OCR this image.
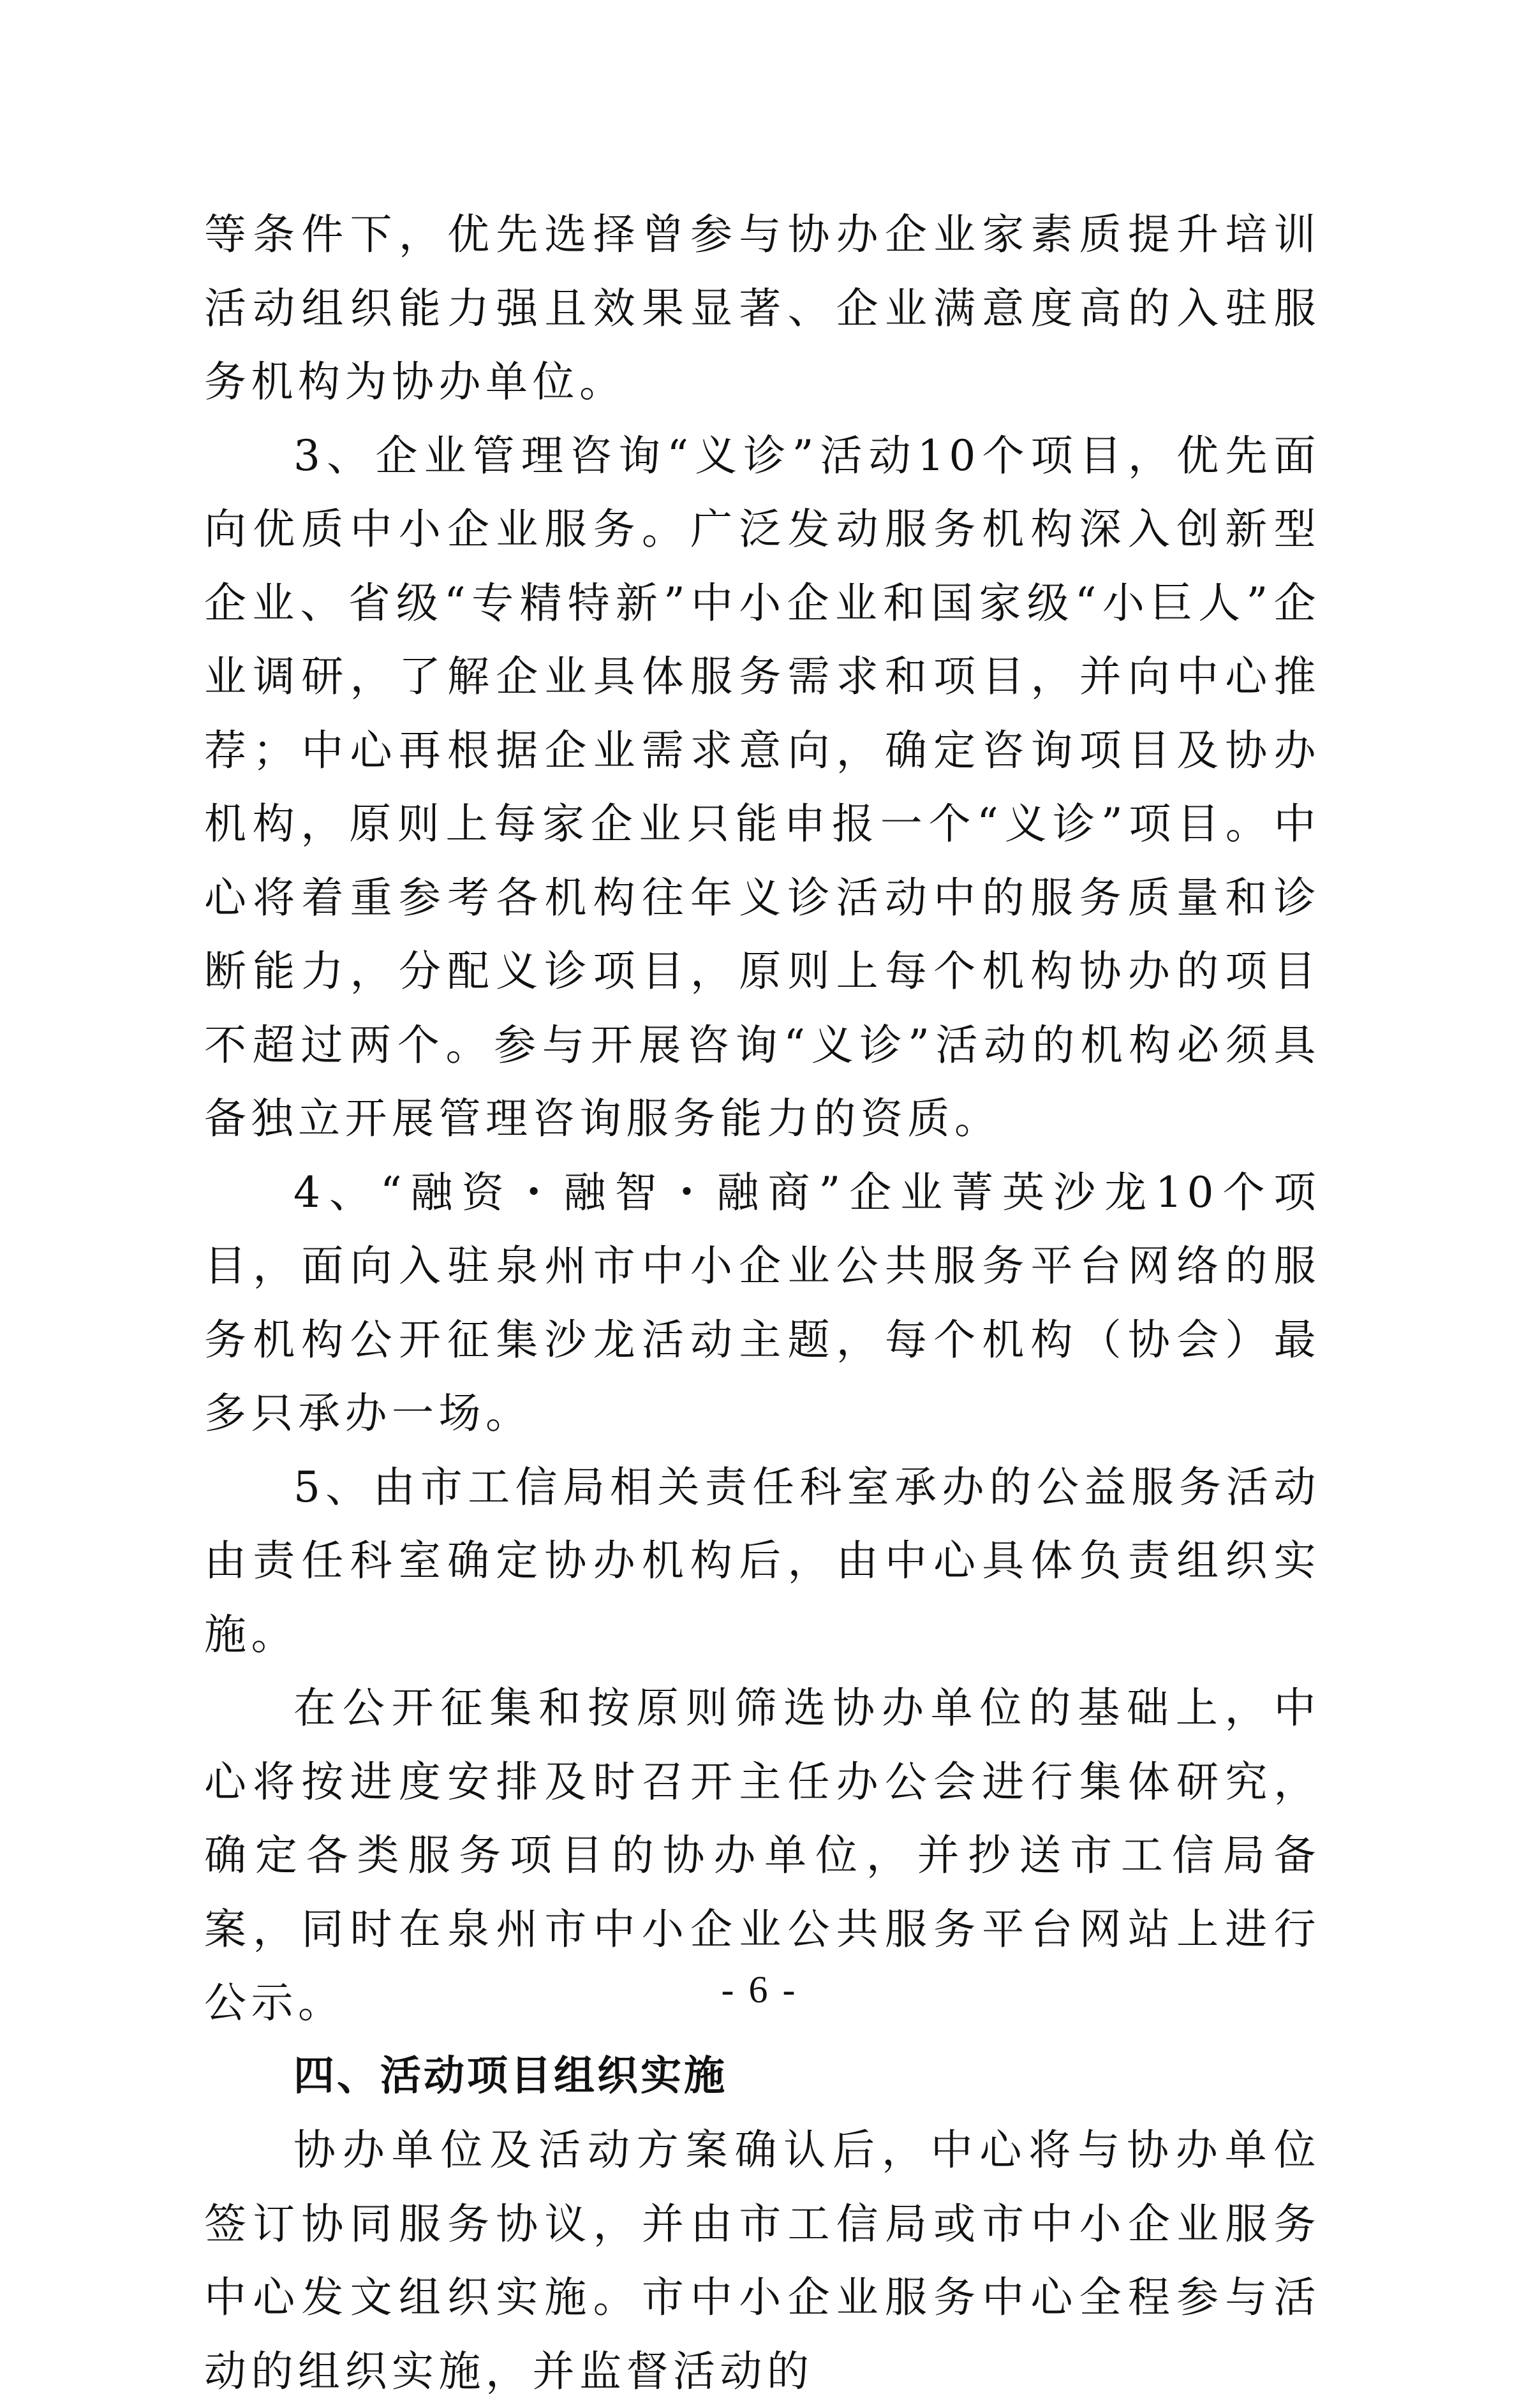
等条件下，优先选择曾参与协办企业家素质提升培训活动组织能力强且效果显著、企业满意度高的入驻服务机构为协办单位。

3、企业管理咨询“义诊”活动10个项目，优先面向优质中小企业服务。广泛发动服务机构深入创新型企业、省级“专精特新”中小企业和国家级“小巨人”企业调研，了解企业具体服务需求和项目，并向中心推荐；中心再根据企业需求意向，确定咨询项目及协办机构，原则上每家企业只能申报一个“义诊”项目。中心将着重参考各机构往年义诊活动中的服务质量和诊断能力，分配义诊项目，原则上每个机构协办的项目不超过两个。参与开展咨询“义诊”活动的机构必须具备独立开展管理咨询服务能力的资质。

4、“融资・融智・融商”企业菁英沙龙10个项目，面向入驻泉州市中小企业公共服务平台网络的服务机构公开征集沙龙活动主题，每个机构（协会）最多只承办一场。

5、由市工信局相关责任科室承办的公益服务活动由责任科室确定协办机构后，由中心具体负责组织实施。

在公开征集和按原则筛选协办单位的基础上，中心将按进度安排及时召开主任办公会进行集体研究，确定各类服务项目的协办单位，并抄送市工信局备案，同时在泉州市中小企业公共服务平台网站上进行公示。

四、活动项目组织实施

协办单位及活动方案确认后，中心将与协办单位签订协同服务协议，并由市工信局或市中小企业服务中心发文组织实施。市中小企业服务中心全程参与活动的组织实施，并监督活动的

- 6 -
